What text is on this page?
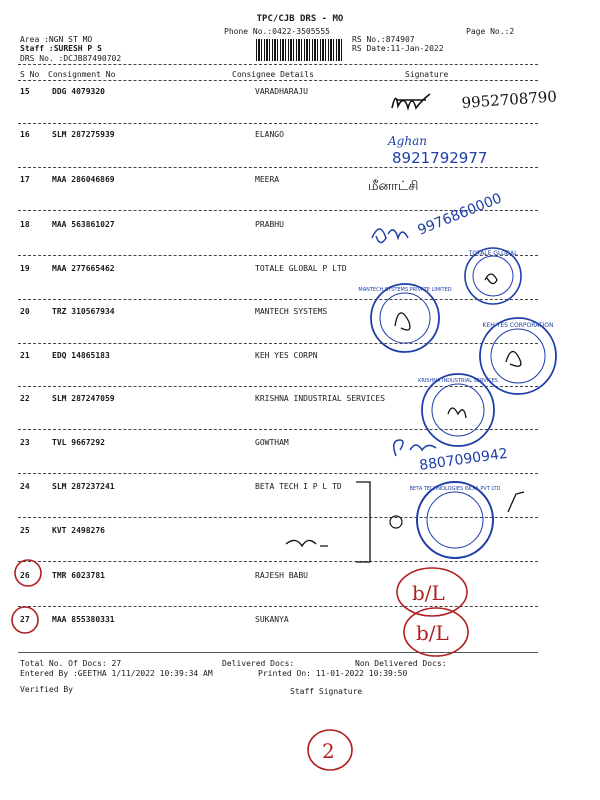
TPC/CJB DRS - MO
Phone No.:0422-3505555	Page No.:2
Area :NGN ST MO
Staff :SURESH P S
DRS No. :DCJB87490702
RS No.:874907
RS Date:11-Jan-2022
S No Consignment No	Consignee Details	Signature
15	DDG 4079320	VARADHARAJU
16	SLM 287275939	ELANGO
17	MAA 286046869	MEERA
18	MAA 563861027	PRABHU
19	MAA 277665462	TOTALE GLOBAL P LTD
20	TRZ 310567934	MANTECH SYSTEMS
21	EDQ 14865183	KEH YES CORPN
22	SLM 287247059	KRISHNA INDUSTRIAL SERVICES
23	TVL 9667292	GOWTHAM
24	SLM 287237241	BETA TECH I P L TD
25	KVT 2498276
26	TMR 6023781	RAJESH BABU
27	MAA 855380331	SUKANYA
Total No. Of Docs: 27	Delivered Docs:	Non Delivered Docs:
Entered By :GEETHA 1/11/2022 10:39:34 AM	Printed On: 11-01-2022 10:39:50
Verified By	Staff Signature
9952708790
Aghan
8921792977
மீனாட்சி
9976860000
TOTALE GLOBAL
MANTECH SYSTEMS PRIVATE LIMITED
KEH YES CORPORATION
KRISHNA INDUSTRIAL SERVICES
8807090942
BETA TECHNOLOGIES INDIA PVT LTD
b/L
b/L
2
